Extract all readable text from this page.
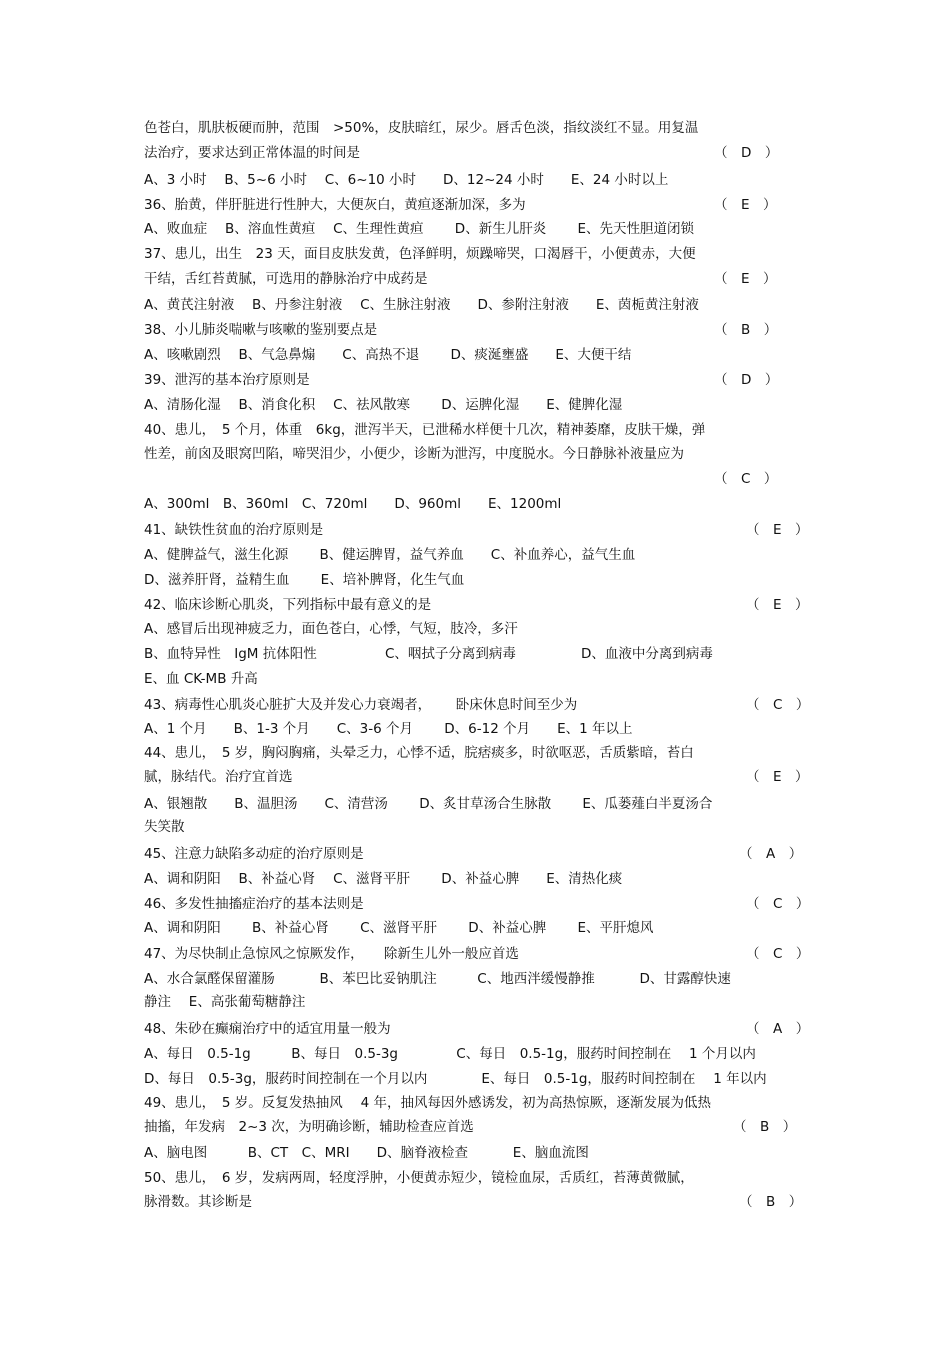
色苍白，肌肤板硬而肿，范围　>50%，皮肤暗红，尿少。唇舌色淡，指纹淡红不显。用复温
法治疗，要求达到正常体温的时间是	（　D　）
A、3 小时　 B、5~6 小时　 C、6~10 小时　　D、12~24 小时　　E、24 小时以上
36、胎黄，伴肝脏进行性肿大，大便灰白，黄疸逐渐加深，多为	（　E　）
A、败血症　 B、溶血性黄疸　 C、生理性黄疸　　 D、新生儿肝炎　　 E、先天性胆道闭锁
37、患儿，出生　23 天，面目皮肤发黄，色泽鲜明，烦躁啼哭，口渴唇干，小便黄赤，大便
干结，舌红苔黄腻，可选用的静脉治疗中成药是	（　E　）
A、黄芪注射液　 B、丹参注射液　 C、生脉注射液　　D、参附注射液　　E、茵栀黄注射液
38、小儿肺炎喘嗽与咳嗽的鉴别要点是	（　B　）
A、咳嗽剧烈　 B、气急鼻煽　　C、高热不退　　 D、痰涎壅盛　　E、大便干结
39、泄泻的基本治疗原则是	（　D　）
A、清肠化湿　 B、消食化积　 C、祛风散寒　　 D、运脾化湿　　E、健脾化湿
40、患儿，　5 个月，体重　6kg，泄泻半天，已泄稀水样便十几次，精神萎靡，皮肤干燥，弹
性差，前囟及眼窝凹陷，啼哭泪少，小便少，诊断为泄泻，中度脱水。今日静脉补液量应为
（　C　）
A、300ml　B、360ml　C、720ml　　D、960ml　　E、1200ml
41、缺铁性贫血的治疗原则是	（　E　）
A、健脾益气，滋生化源　　 B、健运脾胃，益气养血　　C、补血养心，益气生血
D、滋养肝肾，益精生血　　 E、培补脾肾，化生气血
42、临床诊断心肌炎，下列指标中最有意义的是	（　E　）
A、感冒后出现神疲乏力，面色苍白，心悸，气短，肢冷，多汗
B、血特异性　IgM 抗体阳性	C、咽拭子分离到病毒	D、血液中分离到病毒
E、血 CK-MB 升高
43、病毒性心肌炎心脏扩大及并发心力衰竭者，　　 卧床休息时间至少为	（　C　）
A、1 个月　　B、1-3 个月　　C、3-6 个月　　 D、6-12 个月　　E、1 年以上
44、患儿，　5 岁，胸闷胸痛，头晕乏力，心悸不适，脘痞痰多，时欲呕恶，舌质紫暗，苔白
腻，脉结代。治疗宜首选	（　E　）
A、银翘散　　B、温胆汤　　C、清营汤　　 D、炙甘草汤合生脉散　　 E、瓜蒌薤白半夏汤合
失笑散
45、注意力缺陷多动症的治疗原则是	（　A　）
A、调和阴阳　 B、补益心肾　 C、滋肾平肝　　 D、补益心脾　　E、清热化痰
46、多发性抽搐症治疗的基本法则是	（　C　）
A、调和阴阳　　 B、补益心肾　　 C、滋肾平肝　　 D、补益心脾　　 E、平肝熄风
47、为尽快制止急惊风之惊厥发作，　　除新生儿外一般应首选	（　C　）
A、水合氯醛保留灌肠　　　 B、苯巴比妥钠肌注　　　C、地西泮缓慢静推　　　 D、甘露醇快速
静注　 E、高张葡萄糖静注
48、朱砂在癫痫治疗中的适宜用量一般为	（　A　）
A、每日　0.5-1g　　　B、每日　0.5-3g　　　　 C、每日　0.5-1g，服药时间控制在　 1 个月以内
D、每日　0.5-3g，服药时间控制在一个月以内　　　　E、每日　0.5-1g，服药时间控制在　 1 年以内
49、患儿，　5 岁。反复发热抽风　 4 年，抽风每因外感诱发，初为高热惊厥，逐渐发展为低热
抽搐，年发病　2~3 次，为明确诊断，辅助检查应首选	（　B　）
A、脑电图　　　B、CT　C、MRI　　D、脑脊液检查　　　 E、脑血流图
50、患儿，　6 岁，发病两周，轻度浮肿，小便黄赤短少，镜检血尿，舌质红，苔薄黄微腻，
脉滑数。其诊断是	（　B　）
